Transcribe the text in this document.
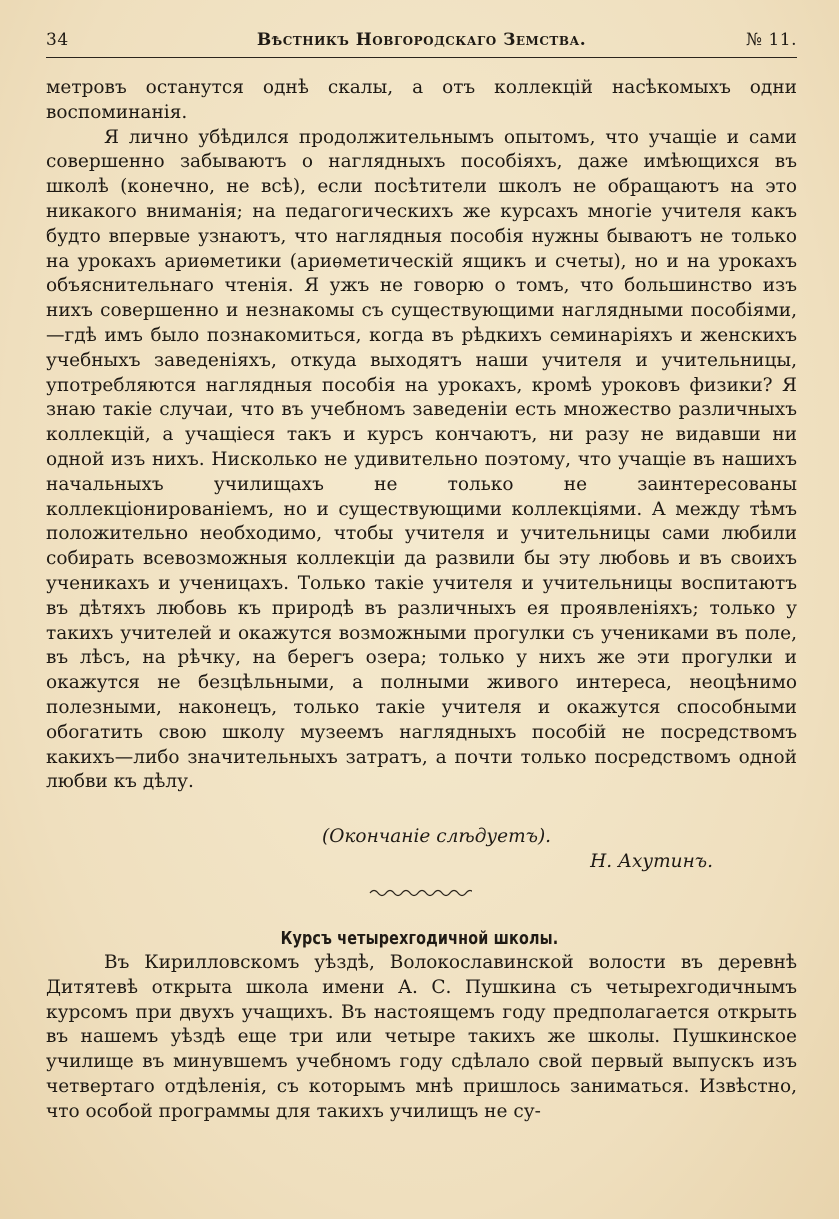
34	Вѣстникъ Новгородскаго Земства.	№ 11.

метровъ останутся однѣ скалы, а отъ коллекцій насѣкомыхъ одни воспоминанія.

Я лично убѣдился продолжительнымъ опытомъ, что учащіе и сами совершенно забываютъ о наглядныхъ пособіяхъ, даже имѣющихся въ школѣ (конечно, не всѣ), если посѣтители школъ не обращаютъ на это никакого вниманія; на педагогическихъ же курсахъ многіе учителя какъ будто впервые узнаютъ, что наглядныя пособія нужны бываютъ не только на урокахъ ариѳметики (ариѳметическій ящикъ и счеты), но и на урокахъ объяснительнаго чтенія. Я ужъ не говорю о томъ, что большинство изъ нихъ совершенно и незнакомы съ существующими наглядными пособіями,—гдѣ имъ было познакомиться, когда въ рѣдкихъ семинаріяхъ и женскихъ учебныхъ заведеніяхъ, откуда выходятъ наши учителя и учительницы, употребляются наглядныя пособія на урокахъ, кромѣ уроковъ физики? Я знаю такіе случаи, что въ учебномъ заведеніи есть множество различныхъ коллекцій, а учащіеся такъ и курсъ кончаютъ, ни разу не видавши ни одной изъ нихъ. Нисколько не удивительно поэтому, что учащіе въ нашихъ начальныхъ училищахъ не только не заинтересованы коллекціонированіемъ, но и существующими коллекціями. А между тѣмъ положительно необходимо, чтобы учителя и учительницы сами любили собирать всевозможныя коллекціи да развили бы эту любовь и въ своихъ ученикахъ и ученицахъ. Только такіе учителя и учительницы воспитаютъ въ дѣтяхъ любовь къ природѣ въ различныхъ ея проявленіяхъ; только у такихъ учителей и окажутся возможными прогулки съ учениками въ поле, въ лѣсъ, на рѣчку, на берегъ озера; только у нихъ же эти прогулки и окажутся не безцѣльными, а полными живого интереса, неоцѣнимо полезными, наконецъ, только такіе учителя и окажутся способными обогатить свою школу музеемъ наглядныхъ пособій не посредствомъ какихъ—либо значительныхъ затратъ, а почти только посредствомъ одной любви къ дѣлу.

(Окончаніе слѣдуетъ).
Н. Ахутинъ.
Курсъ четырехгодичной школы.

Въ Кирилловскомъ уѣздѣ, Волокославинской волости въ деревнѣ Дитятевѣ открыта школа имени А. С. Пушкина съ четырехгодичнымъ курсомъ при двухъ учащихъ. Въ настоящемъ году предполагается открыть въ нашемъ уѣздѣ еще три или четыре такихъ же школы. Пушкинское училище въ минувшемъ учебномъ году сдѣлало свой первый выпускъ изъ четвертаго отдѣленія, съ которымъ мнѣ пришлось заниматься. Извѣстно, что особой программы для такихъ училищъ не су-
